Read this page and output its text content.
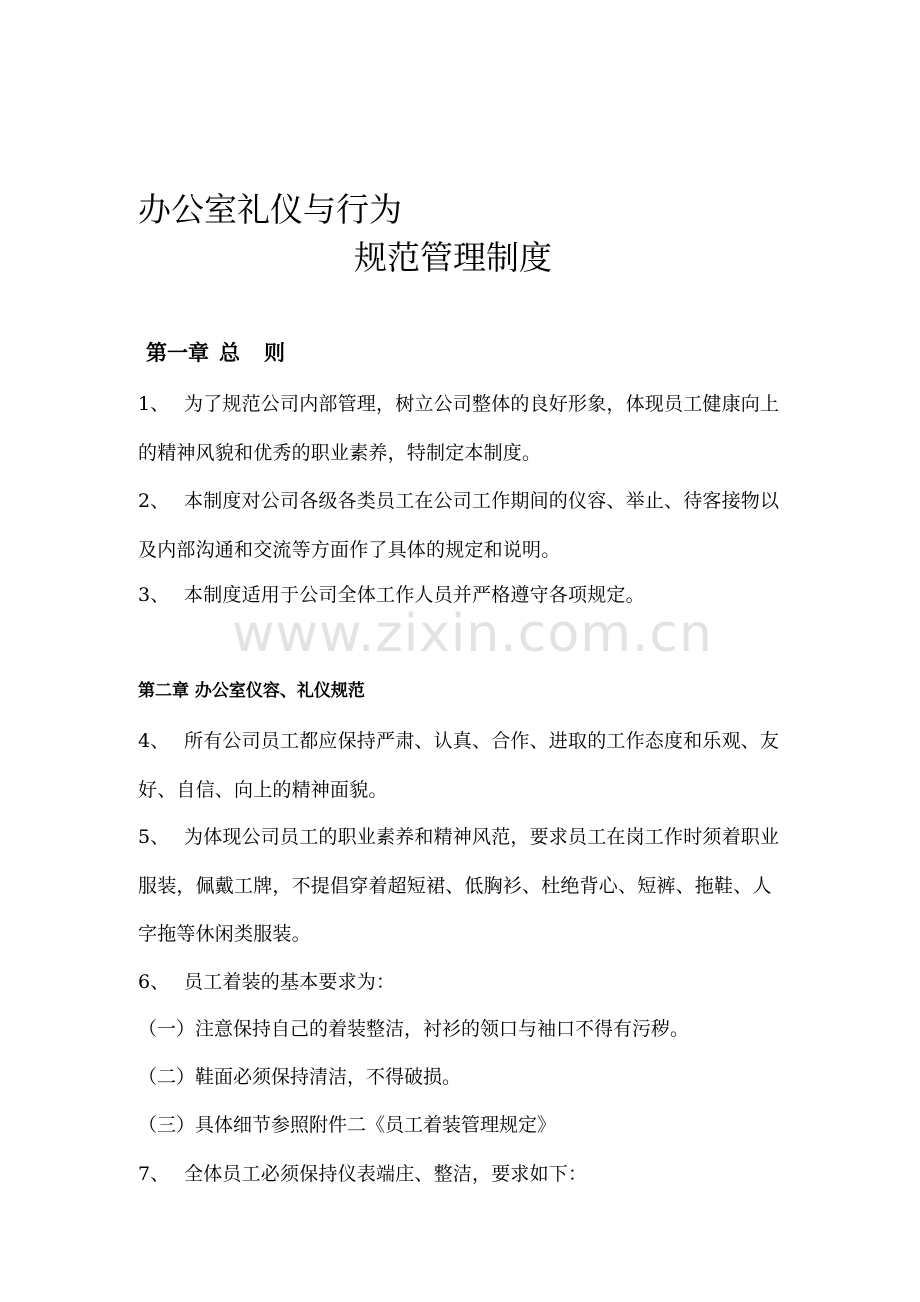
办公室礼仪与行为
规范管理制度
第一章 总 则
1、 为了规范公司内部管理，树立公司整体的良好形象，体现员工健康向上的精神风貌和优秀的职业素养，特制定本制度。
2、 本制度对公司各级各类员工在公司工作期间的仪容、举止、待客接物以及内部沟通和交流等方面作了具体的规定和说明。
3、 本制度适用于公司全体工作人员并严格遵守各项规定。
www.zixin.com.cn
第二章 办公室仪容、礼仪规范
4、 所有公司员工都应保持严肃、认真、合作、进取的工作态度和乐观、友好、自信、向上的精神面貌。
5、 为体现公司员工的职业素养和精神风范，要求员工在岗工作时须着职业服装，佩戴工牌，不提倡穿着超短裙、低胸衫、杜绝背心、短裤、拖鞋、人字拖等休闲类服装。
6、 员工着装的基本要求为：
（一）注意保持自己的着装整洁，衬衫的领口与袖口不得有污秽。
（二）鞋面必须保持清洁，不得破损。
（三）具体细节参照附件二《员工着装管理规定》
7、 全体员工必须保持仪表端庄、整洁，要求如下：
